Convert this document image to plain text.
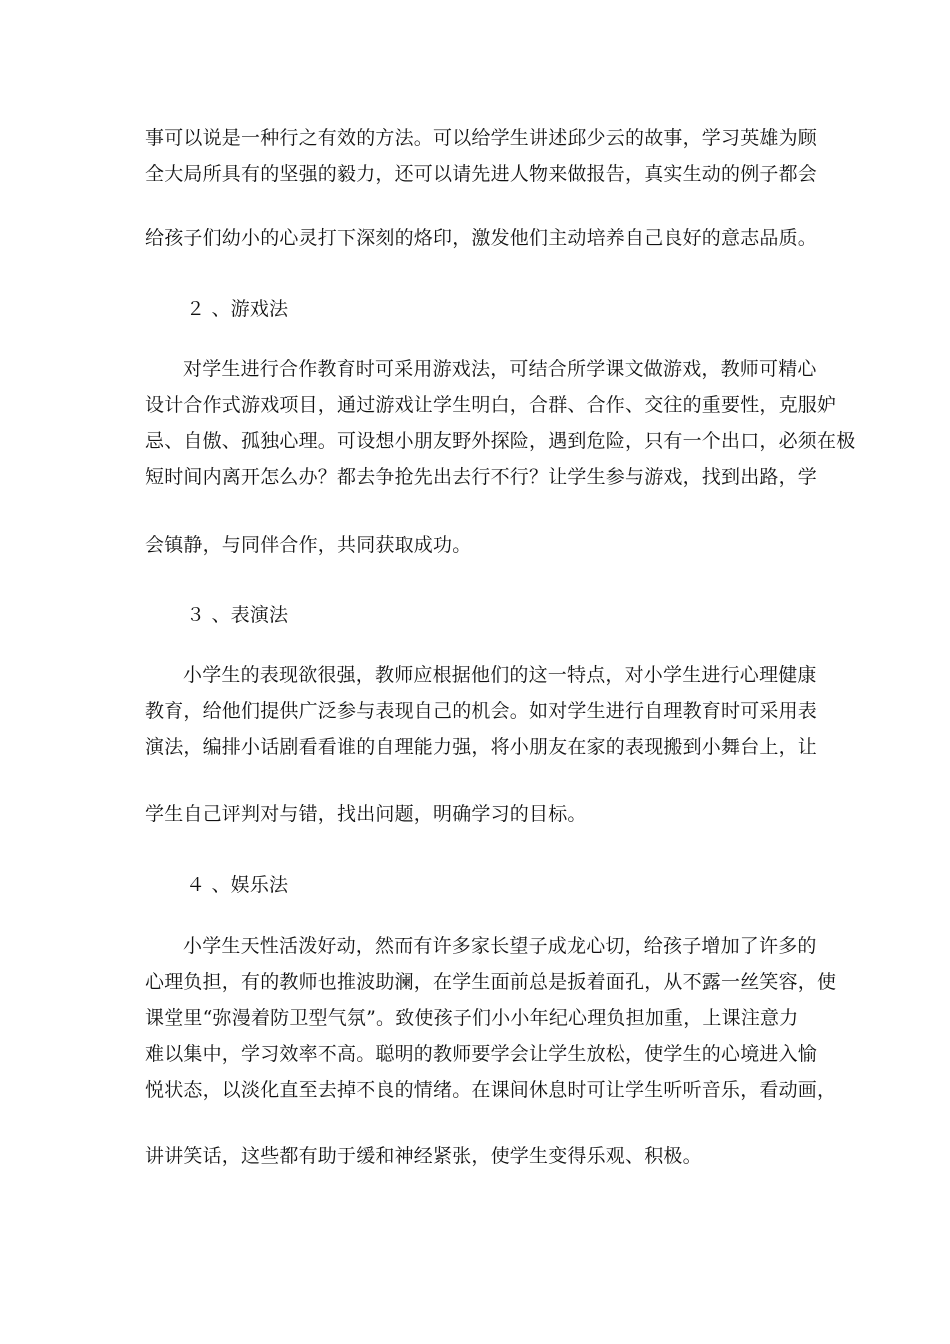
事可以说是一种行之有效的方法。可以给学生讲述邱少云的故事，学习英雄为顾
全大局所具有的坚强的毅力，还可以请先进人物来做报告，真实生动的例子都会
给孩子们幼小的心灵打下深刻的烙印，激发他们主动培养自己良好的意志品质。
２ 、游戏法
对学生进行合作教育时可采用游戏法，可结合所学课文做游戏，教师可精心
设计合作式游戏项目，通过游戏让学生明白，合群、合作、交往的重要性，克服妒
忌、自傲、孤独心理。可设想小朋友野外探险，遇到危险，只有一个出口，必须在极
短时间内离开怎么办？都去争抢先出去行不行？让学生参与游戏，找到出路，学
会镇静，与同伴合作，共同获取成功。
３ 、表演法
小学生的表现欲很强，教师应根据他们的这一特点，对小学生进行心理健康
教育，给他们提供广泛参与表现自己的机会。如对学生进行自理教育时可采用表
演法，编排小话剧看看谁的自理能力强，将小朋友在家的表现搬到小舞台上，让
学生自己评判对与错，找出问题，明确学习的目标。
４ 、娱乐法
小学生天性活泼好动，然而有许多家长望子成龙心切，给孩子增加了许多的
心理负担，有的教师也推波助澜，在学生面前总是扳着面孔，从不露一丝笑容，使
课堂里“弥漫着防卫型气氛”。致使孩子们小小年纪心理负担加重，上课注意力
难以集中，学习效率不高。聪明的教师要学会让学生放松，使学生的心境进入愉
悦状态，以淡化直至去掉不良的情绪。在课间休息时可让学生听听音乐，看动画，
讲讲笑话，这些都有助于缓和神经紧张，使学生变得乐观、积极。
